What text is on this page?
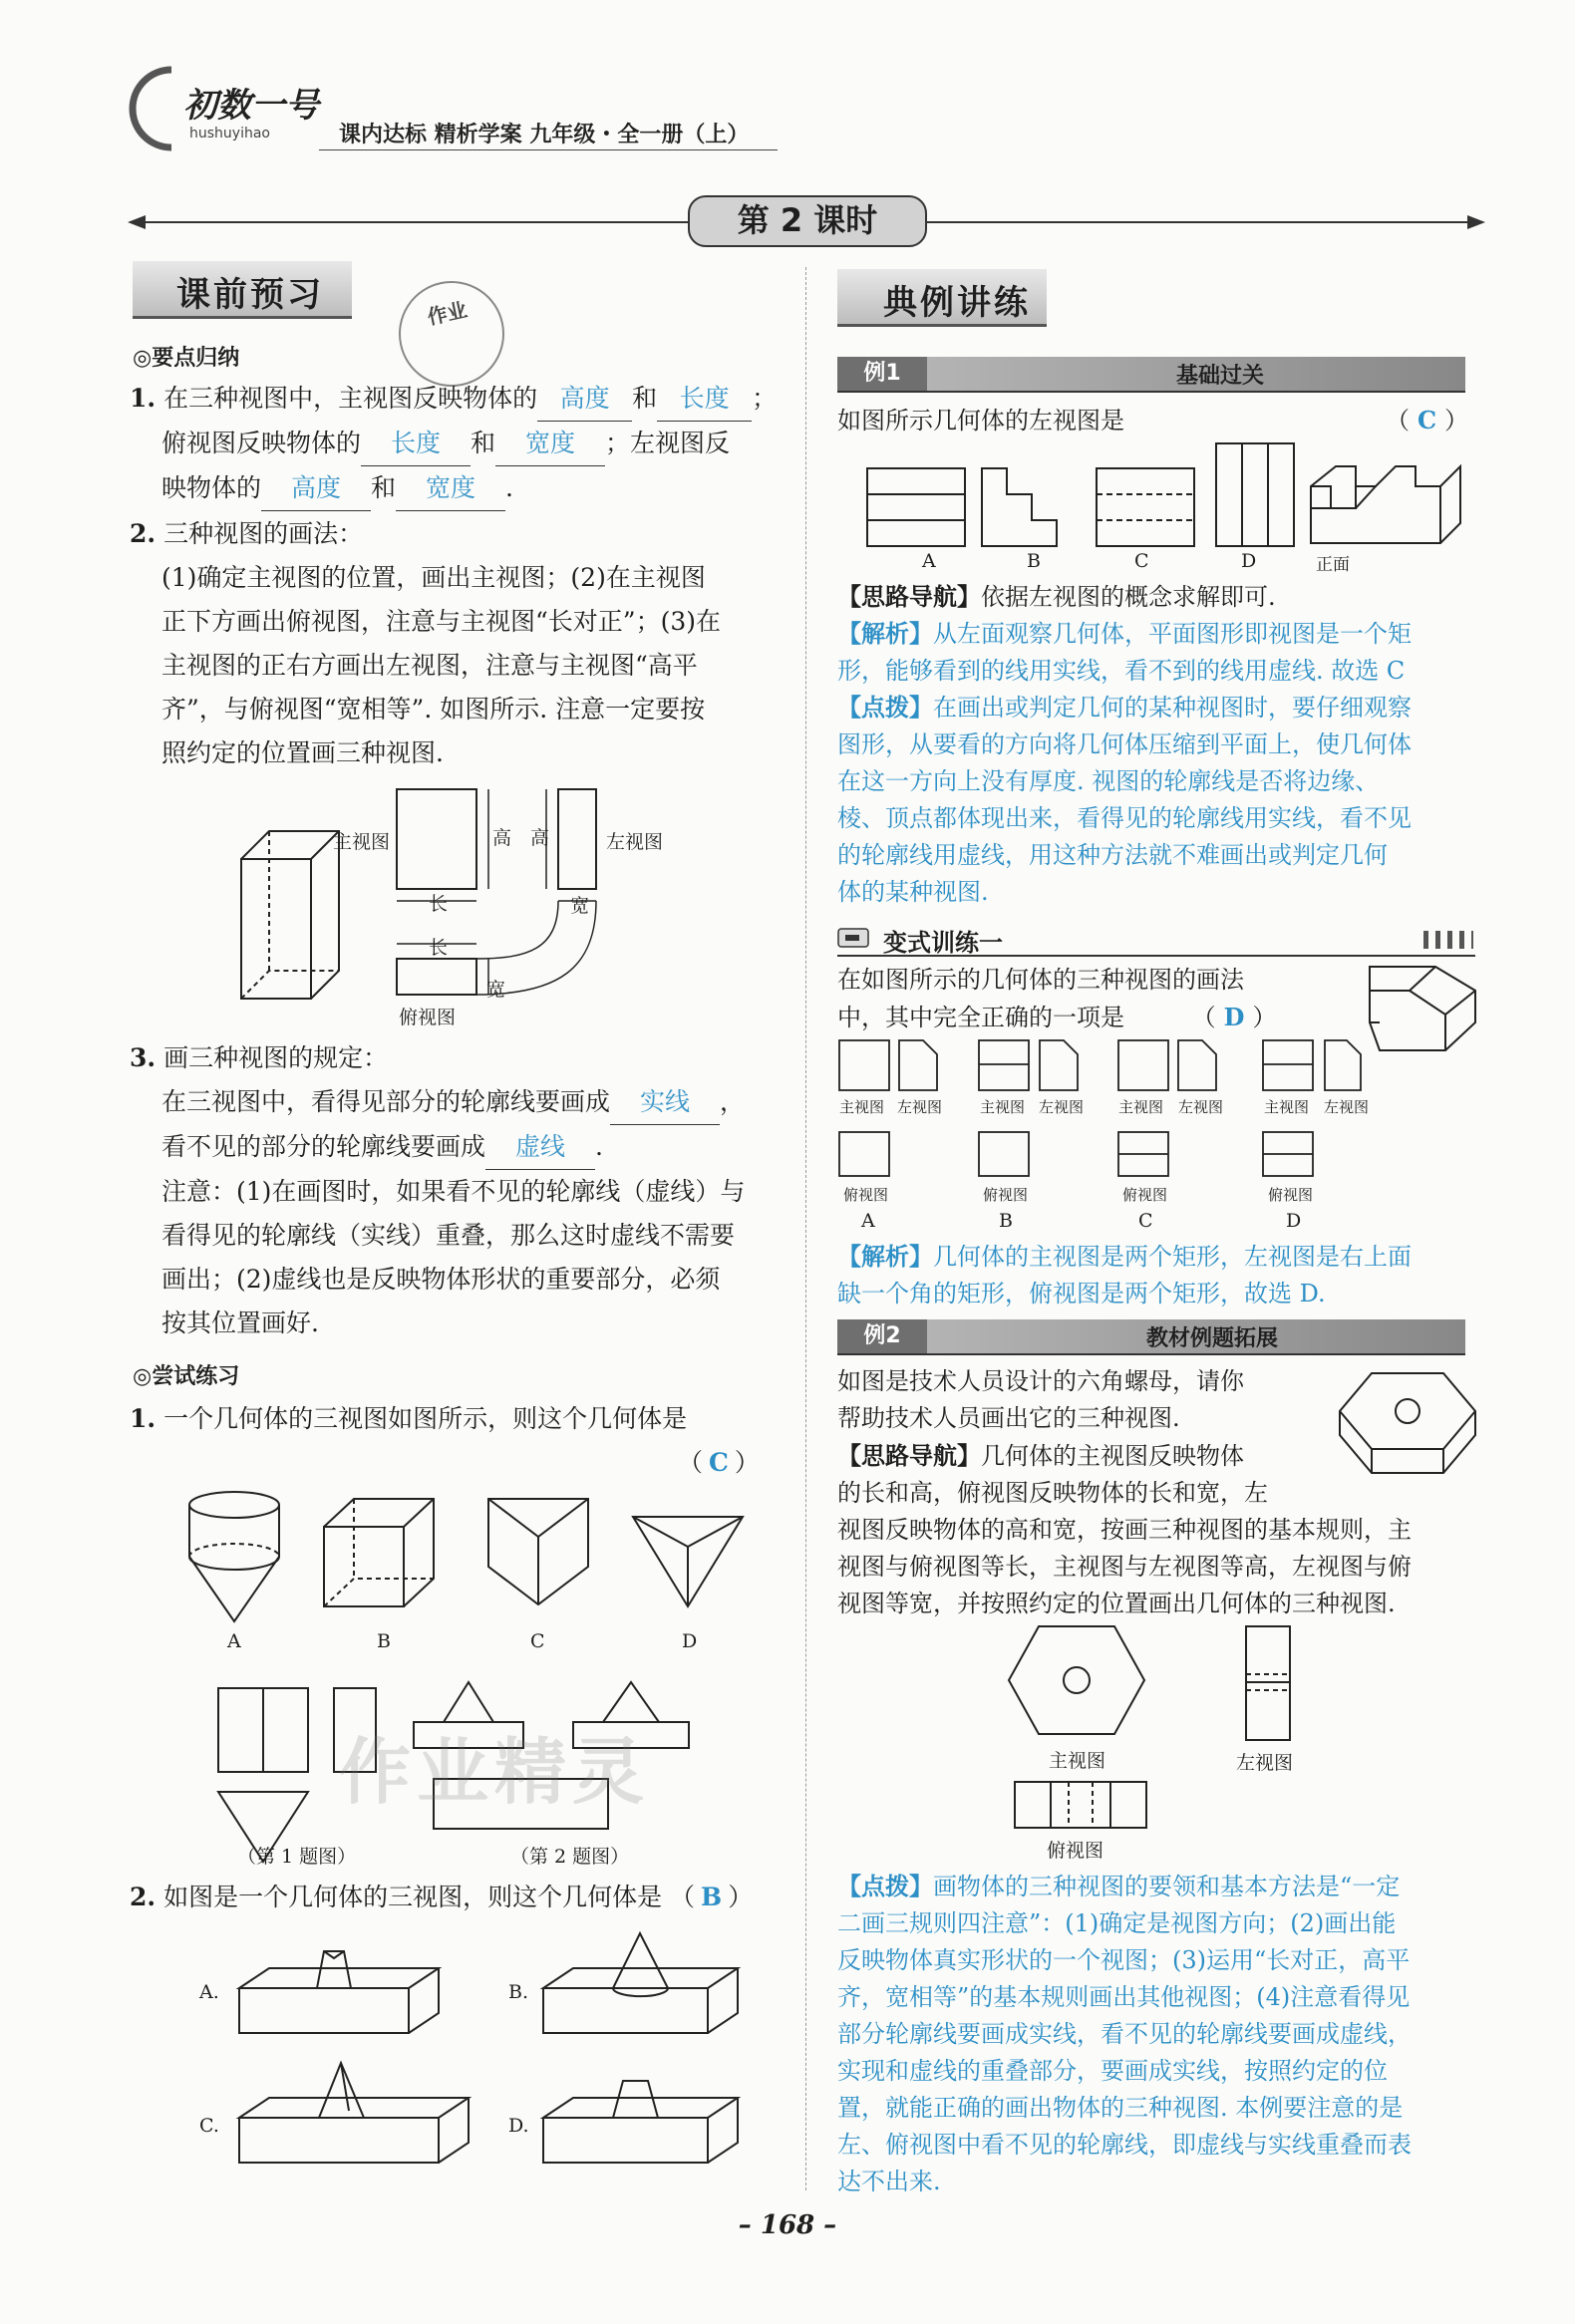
初数一号
hushuyihao	课内达标 精析学案 九年级・全一册（上）
第 2 课时
课前预习	作业
◎要点归纳
1. 在三种视图中，主视图反映物体的 高度 和 长度 ；
俯视图反映物体的 长度 和 宽度 ；左视图反
映物体的 高度 和 宽度 .
2. 三种视图的画法：
(1)确定主视图的位置，画出主视图；(2)在主视图
正下方画出俯视图，注意与主视图“长对正”；(3)在
主视图的正右方画出左视图，注意与主视图“高平
齐”，与俯视图“宽相等”. 如图所示. 注意一定要按
照约定的位置画三种视图.
主视图	左视图
俯视图
高 高
长	宽
长
宽
3. 画三种视图的规定：
在三视图中，看得见部分的轮廓线要画成 实线 ，
看不见的部分的轮廓线要画成 虚线 .
注意：(1)在画图时，如果看不见的轮廓线（虚线）与
看得见的轮廓线（实线）重叠，那么这时虚线不需要
画出；(2)虚线也是反映物体形状的重要部分，必须
按其位置画好.
◎尝试练习
1. 一个几何体的三视图如图所示，则这个几何体是
（ C ）
A	B	C	D
（第 1 题图）	（第 2 题图）
2. 如图是一个几何体的三视图，则这个几何体是 （ B ）
A.	B.
C.	D.
作业精灵
典例讲练
例1	基础过关
如图所示几何体的左视图是	（ C ）
A	B	C	D	正面
【思路导航】依据左视图的概念求解即可.
【解析】从左面观察几何体，平面图形即视图是一个矩
形，能够看到的线用实线，看不到的线用虚线. 故选 C
【点拨】在画出或判定几何的某种视图时，要仔细观察
图形，从要看的方向将几何体压缩到平面上，使几何体
在这一方向上没有厚度. 视图的轮廓线是否将边缘、
棱、顶点都体现出来，看得见的轮廓线用实线，看不见
的轮廓线用虚线，用这种方法就不难画出或判定几何
体的某种视图.
变式训练一
在如图所示的几何体的三种视图的画法
中，其中完全正确的一项是	（ D ）
主视图 左视图	主视图 左视图 主视图 左视图	主视图 左视图
俯视图	俯视图	俯视图	俯视图
A	B	C	D
【解析】几何体的主视图是两个矩形，左视图是右上面
缺一个角的矩形，俯视图是两个矩形，故选 D.
例2	教材例题拓展
如图是技术人员设计的六角螺母，请你
帮助技术人员画出它的三种视图.
【思路导航】几何体的主视图反映物体
的长和高，俯视图反映物体的长和宽，左
视图反映物体的高和宽，按画三种视图的基本规则，主
视图与俯视图等长，主视图与左视图等高，左视图与俯
视图等宽，并按照约定的位置画出几何体的三种视图.
主视图	左视图
俯视图
【点拨】画物体的三种视图的要领和基本方法是“一定
二画三规则四注意”：(1)确定是视图方向；(2)画出能
反映物体真实形状的一个视图；(3)运用“长对正，高平
齐，宽相等”的基本规则画出其他视图；(4)注意看得见
部分轮廓线要画成实线，看不见的轮廓线要画成虚线，
实现和虚线的重叠部分，要画成实线，按照约定的位
置，就能正确的画出物体的三种视图. 本例要注意的是
左、俯视图中看不见的轮廓线，即虚线与实线重叠而表
达不出来.
– 168 –
